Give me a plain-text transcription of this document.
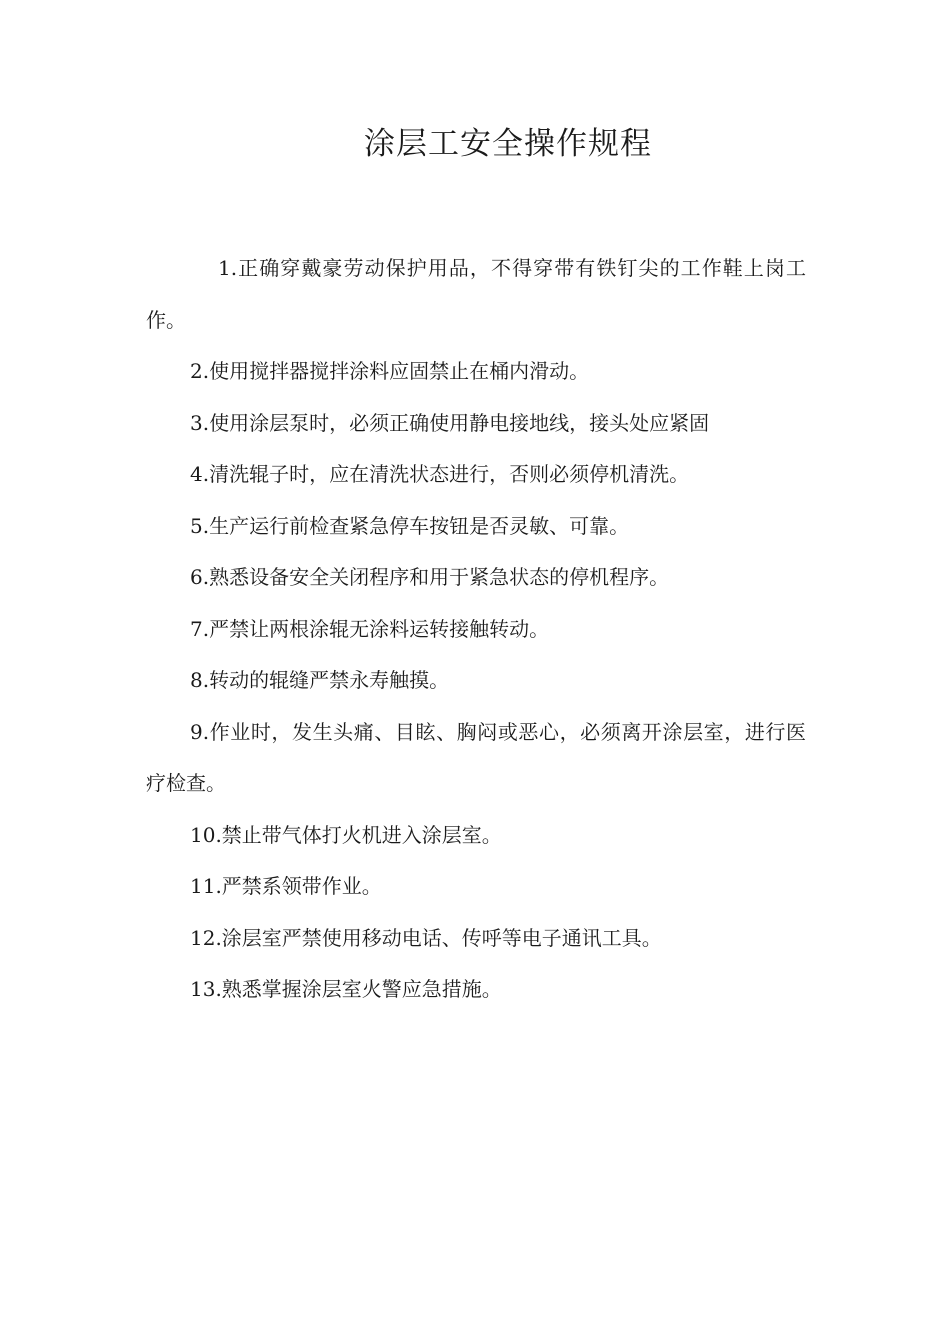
涂层工安全操作规程
1.正确穿戴豪劳动保护用品，不得穿带有铁钉尖的工作鞋上岗工作。
2.使用搅拌器搅拌涂料应固禁止在桶内滑动。
3.使用涂层泵时，必须正确使用静电接地线，接头处应紧固
4.清洗辊子时，应在清洗状态进行，否则必须停机清洗。
5.生产运行前检查紧急停车按钮是否灵敏、可靠。
6.熟悉设备安全关闭程序和用于紧急状态的停机程序。
7.严禁让两根涂辊无涂料运转接触转动。
8.转动的辊缝严禁永寿触摸。
9.作业时，发生头痛、目眩、胸闷或恶心，必须离开涂层室，进行医疗检查。
10.禁止带气体打火机进入涂层室。
11.严禁系领带作业。
12.涂层室严禁使用移动电话、传呼等电子通讯工具。
13.熟悉掌握涂层室火警应急措施。
